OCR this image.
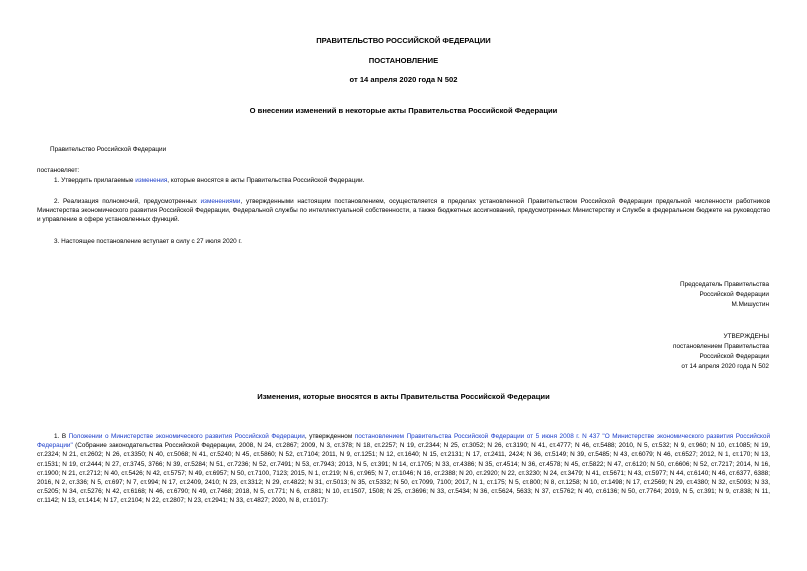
ПРАВИТЕЛЬСТВО РОССИЙСКОЙ ФЕДЕРАЦИИ
ПОСТАНОВЛЕНИЕ
от 14 апреля 2020 года N 502
О внесении изменений в некоторые акты Правительства Российской Федерации
Правительство Российской Федерации
постановляет:
1. Утвердить прилагаемые изменения, которые вносятся в акты Правительства Российской Федерации.
2. Реализация полномочий, предусмотренных изменениями, утвержденными настоящим постановлением, осуществляется в пределах установленной Правительством Российской Федерации предельной численности работников Министерства экономического развития Российской Федерации, Федеральной службы по интеллектуальной собственности, а также бюджетных ассигнований, предусмотренных Министерству и Службе в федеральном бюджете на руководство и управление в сфере установленных функций.
3. Настоящее постановление вступает в силу с 27 июля 2020 г.
Председатель Правительства
Российской Федерации
М.Мишустин
УТВЕРЖДЕНЫ
постановлением Правительства
Российской Федерации
от 14 апреля 2020 года N 502
Изменения, которые вносятся в акты Правительства Российской Федерации
1. В Положении о Министерстве экономического развития Российской Федерации, утвержденном постановлением Правительства Российской Федерации от 5 июня 2008 г. N 437 "О Министерстве экономического развития Российской Федерации" (Собрание законодательства Российской Федерации, 2008, N 24, ст.2867; 2009, N 3, ст.378; N 18, ст.2257; N 19, ст.2344; N 25, ст.3052; N 26, ст.3190; N 41, ст.4777; N 46, ст.5488; 2010, N 5, ст.532; N 9, ст.960; N 10, ст.1085; N 19, ст.2324; N 21, ст.2602; N 26, ст.3350; N 40, ст.5068; N 41, ст.5240; N 45, ст.5860; N 52, ст.7104; 2011, N 9, ст.1251; N 12, ст.1640; N 15, ст.2131; N 17, ст.2411, 2424; N 36, ст.5149; N 39, ст.5485; N 43, ст.6079; N 46, ст.6527; 2012, N 1, ст.170; N 13, ст.1531; N 19, ст.2444; N 27, ст.3745, 3766; N 39, ст.5284; N 51, ст.7236; N 52, ст.7491; N 53, ст.7943; 2013, N 5, ст.391; N 14, ст.1705; N 33, ст.4386; N 35, ст.4514; N 36, ст.4578; N 45, ст.5822; N 47, ст.6120; N 50, ст.6606; N 52, ст.7217; 2014, N 16, ст.1900; N 21, ст.2712; N 40, ст.5426; N 42, ст.5757; N 49, ст.6957; N 50, ст.7100, 7123; 2015, N 1, ст.219; N 6, ст.965; N 7, ст.1046; N 16, ст.2388; N 20, ст.2920; N 22, ст.3230; N 24, ст.3479; N 41, ст.5671; N 43, ст.5977; N 44, ст.6140; N 46, ст.6377, 6388; 2016, N 2, ст.336; N 5, ст.697; N 7, ст.994; N 17, ст.2409, 2410; N 23, ст.3312; N 29, ст.4822; N 31, ст.5013; N 35, ст.5332; N 50, ст.7099, 7100; 2017, N 1, ст.175; N 5, ст.800; N 8, ст.1258; N 10, ст.1498; N 17, ст.2569; N 29, ст.4380; N 32, ст.5093; N 33, ст.5205; N 34, ст.5276; N 42, ст.6168; N 46, ст.6790; N 49, ст.7468; 2018, N 5, ст.771; N 6, ст.881; N 10, ст.1507, 1508; N 25, ст.3696; N 33, ст.5434; N 36, ст.5624, 5633; N 37, ст.5762; N 40, ст.6136; N 50, ст.7764; 2019, N 5, ст.391; N 9, ст.838; N 11, ст.1142; N 13, ст.1414; N 17, ст.2104; N 22, ст.2807; N 23, ст.2941; N 33, ст.4827; 2020, N 8, ст.1017):
